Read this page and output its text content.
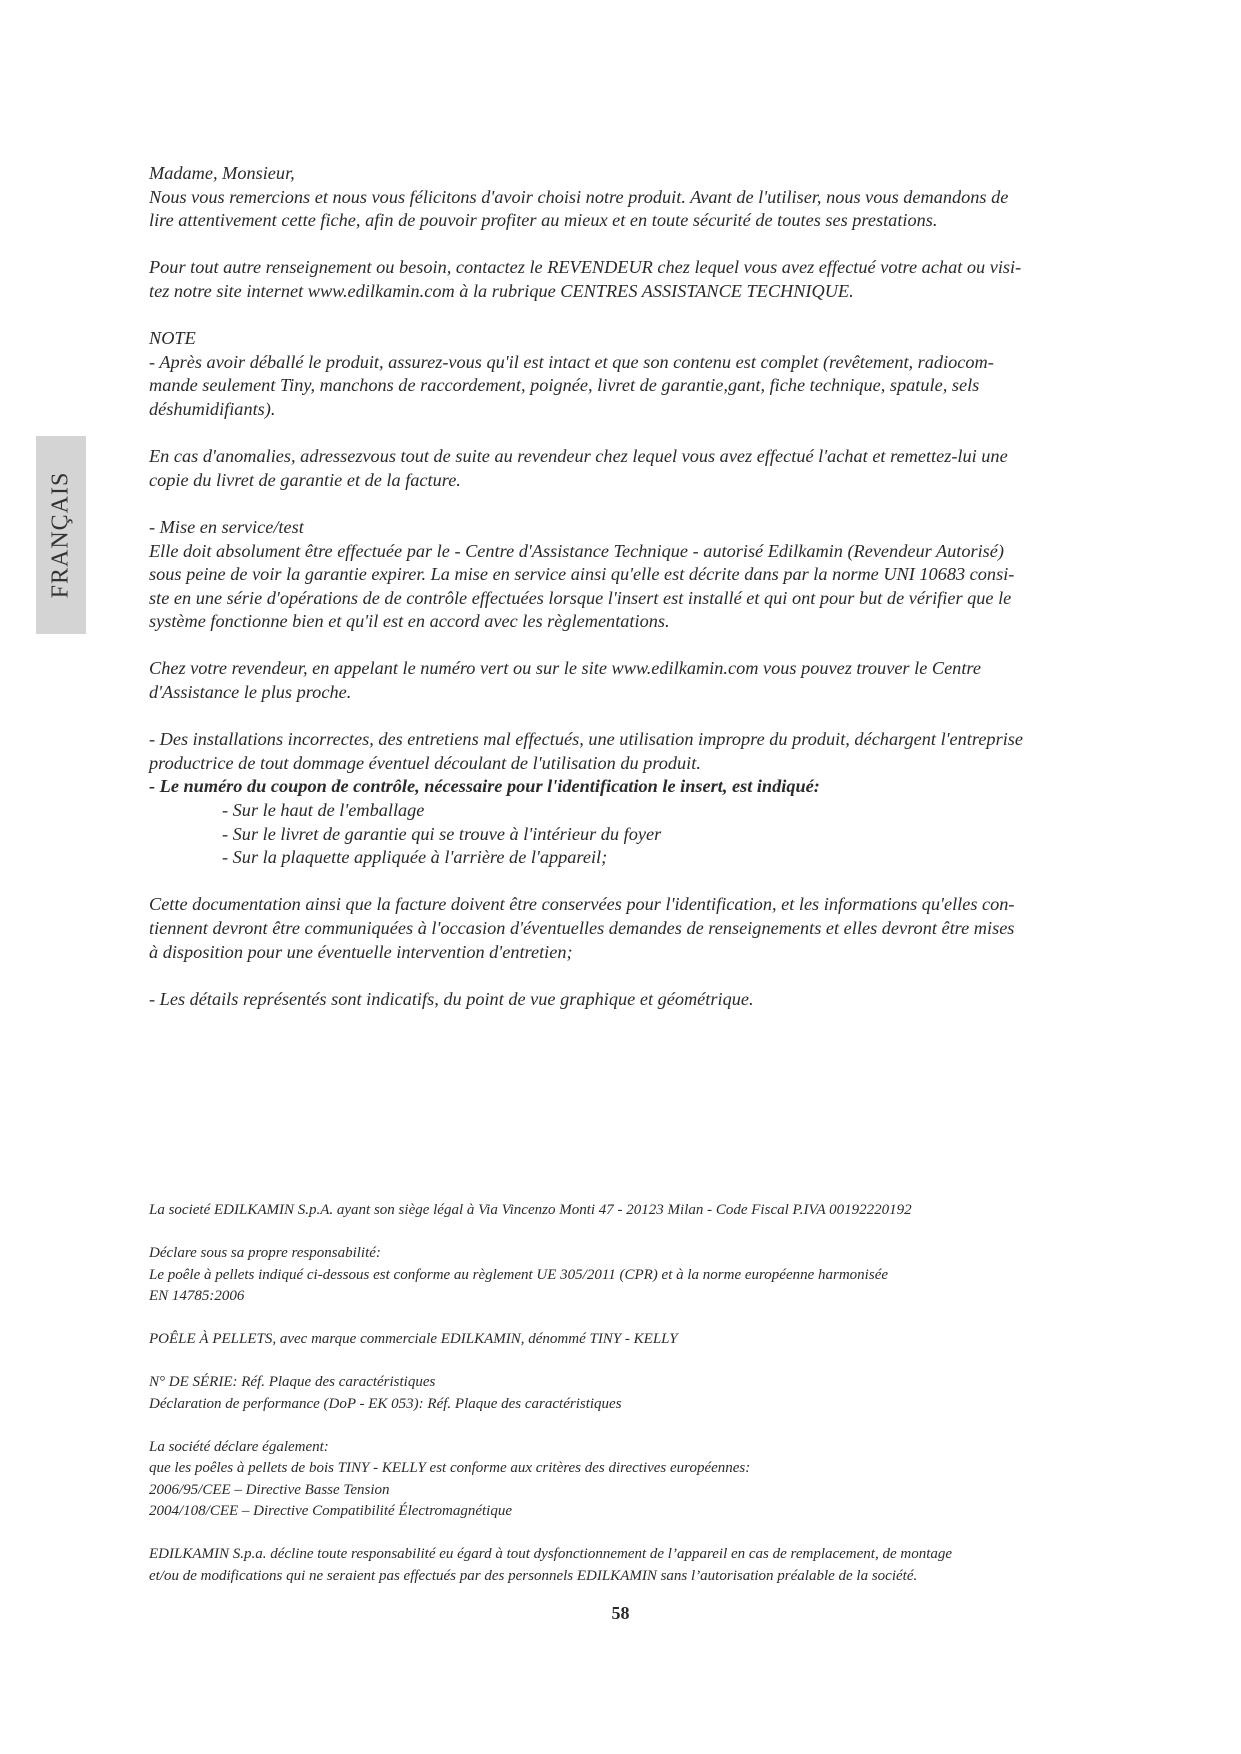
FRANÇAIS

Madame, Monsieur,

Nous vous remercions et nous vous félicitons d'avoir choisi notre produit. Avant de l'utiliser, nous vous demandons de

lire attentivement cette fiche, afin de pouvoir profiter au mieux et en toute sécurité de toutes ses prestations.

Pour tout autre renseignement ou besoin, contactez le REVENDEUR chez lequel vous avez effectué votre achat ou visi-

tez notre site internet www.edilkamin.com à la rubrique CENTRES ASSISTANCE TECHNIQUE.

NOTE

- Après avoir déballé le produit, assurez-vous qu'il est intact et que son contenu est complet (revêtement, radiocom-

mande seulement Tiny, manchons de raccordement, poignée, livret de garantie,gant, fiche technique, spatule, sels

déshumidifiants).

En cas d'anomalies, adressezvous tout de suite au revendeur chez lequel vous avez effectué l'achat et remettez-lui une

copie du livret de garantie et de la facture.

- Mise en service/test

Elle doit absolument être effectuée par le - Centre d'Assistance Technique - autorisé Edilkamin (Revendeur Autorisé)

sous peine de voir la garantie expirer. La mise en service ainsi qu'elle est décrite dans par la norme UNI 10683 consi-

ste en une série d'opérations de de contrôle effectuées lorsque l'insert est installé et qui ont pour but de vérifier que le

système fonctionne bien et qu'il est en accord avec les règlementations.

Chez votre revendeur, en appelant le numéro vert ou sur le site www.edilkamin.com vous pouvez trouver le Centre

d'Assistance le plus proche.

- Des installations incorrectes, des entretiens mal effectués, une utilisation impropre du produit, déchargent l'entreprise

productrice de tout dommage éventuel découlant de l'utilisation du produit.

- Le numéro du coupon de contrôle, nécessaire pour l'identification le insert, est indiqué:

- Sur le haut de l'emballage

- Sur le livret de garantie qui se trouve à l'intérieur du foyer

- Sur la plaquette appliquée à l'arrière de l'appareil;

Cette documentation ainsi que la facture doivent être conservées pour l'identification, et les informations qu'elles con-

tiennent devront être communiquées à l'occasion d'éventuelles demandes de renseignements et elles devront être mises

à disposition pour une éventuelle intervention d'entretien;

- Les détails représentés sont indicatifs, du point de vue graphique et géométrique.

La societé EDILKAMIN S.p.A. ayant son siège légal à Via Vincenzo Monti 47 - 20123 Milan - Code Fiscal P.IVA 00192220192

Déclare sous sa propre responsabilité:

Le poêle à pellets indiqué ci-dessous est conforme au règlement UE 305/2011 (CPR) et à la norme européenne harmonisée

EN 14785:2006

POÊLE À PELLETS, avec marque commerciale EDILKAMIN, dénommé TINY - KELLY

N° DE SÉRIE: Réf. Plaque des caractéristiques

Déclaration de performance (DoP - EK 053): Réf. Plaque des caractéristiques

La société déclare également:

que les poêles à pellets de bois TINY - KELLY est conforme aux critères des directives européennes:

2006/95/CEE – Directive Basse Tension

2004/108/CEE – Directive Compatibilité Électromagnétique

EDILKAMIN S.p.a. décline toute responsabilité eu égard à tout dysfonctionnement de l’appareil en cas de remplacement, de montage

et/ou de modifications qui ne seraient pas effectués par des personnels EDILKAMIN sans l’autorisation préalable de la société.

58
